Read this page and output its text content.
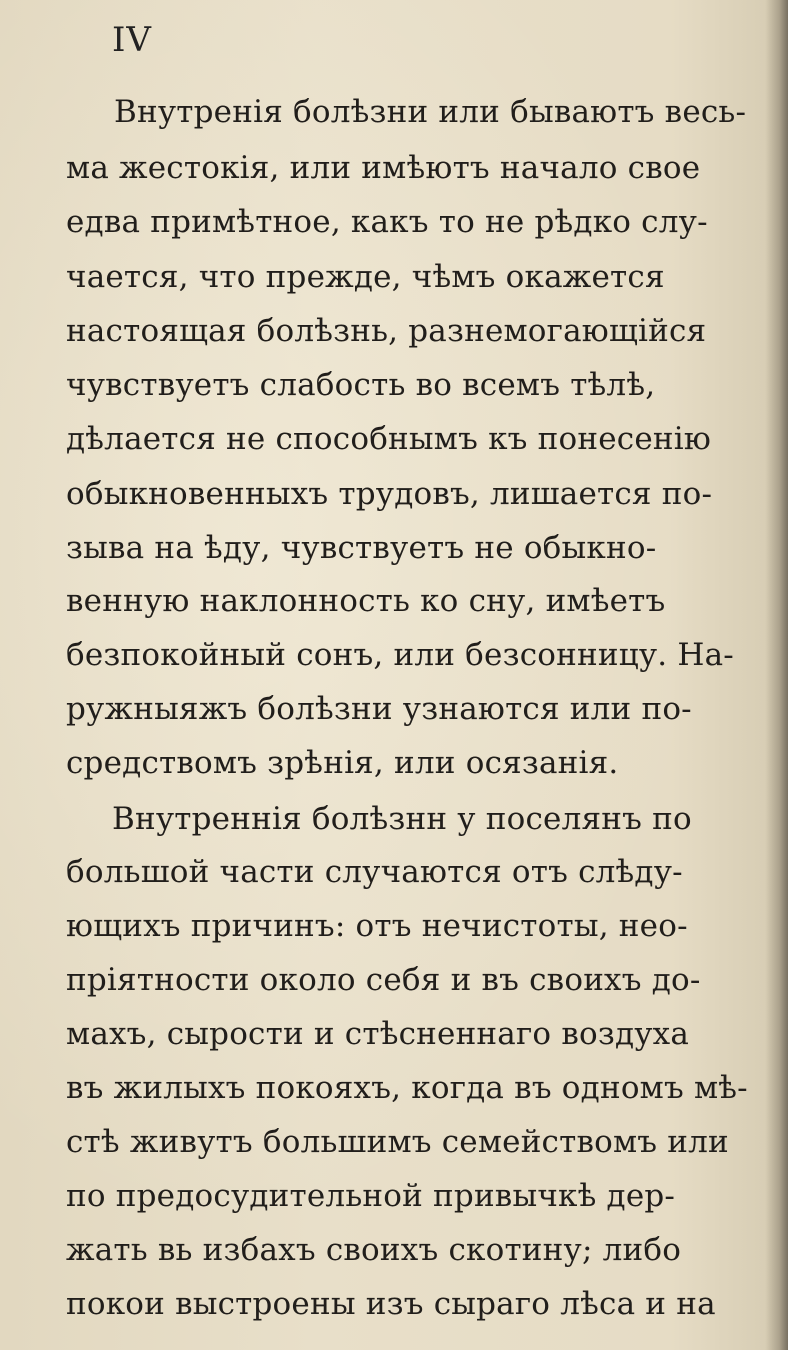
IV
Внутренія болѣзни или бываютъ весь-
ма жестокія, или имѣютъ начало свое
едва примѣтное, какъ то не рѣдко слу-
чается, что прежде, чѣмъ окажется
настоящая болѣзнь, разнемогающійся
чувствуетъ слабость во всемъ тѣлѣ,
дѣлается не способнымъ къ понесенію
обыкновенныхъ трудовъ, лишается по-
зыва на ѣду, чувствуетъ не обыкно-
венную наклонность ко сну, имѣетъ
безпокойный сонъ, или безсонницу. На-
ружныяжъ болѣзни узнаются или по-
средствомъ зрѣнія, или осязанія.
Внутреннія болѣзнн у поселянъ по
большой части случаются отъ слѣду-
ющихъ причинъ: отъ нечистоты, нео-
пріятности около себя и въ своихъ до-
махъ, сырости и стѣсненнаго воздуха
въ жилыхъ покояхъ, когда въ одномъ мѣ-
стѣ живутъ большимъ семействомъ или
по предосудительной привычкѣ дер-
жать вь избахъ своихъ скотину; либо
покои выстроены изъ сыраго лѣса и на
